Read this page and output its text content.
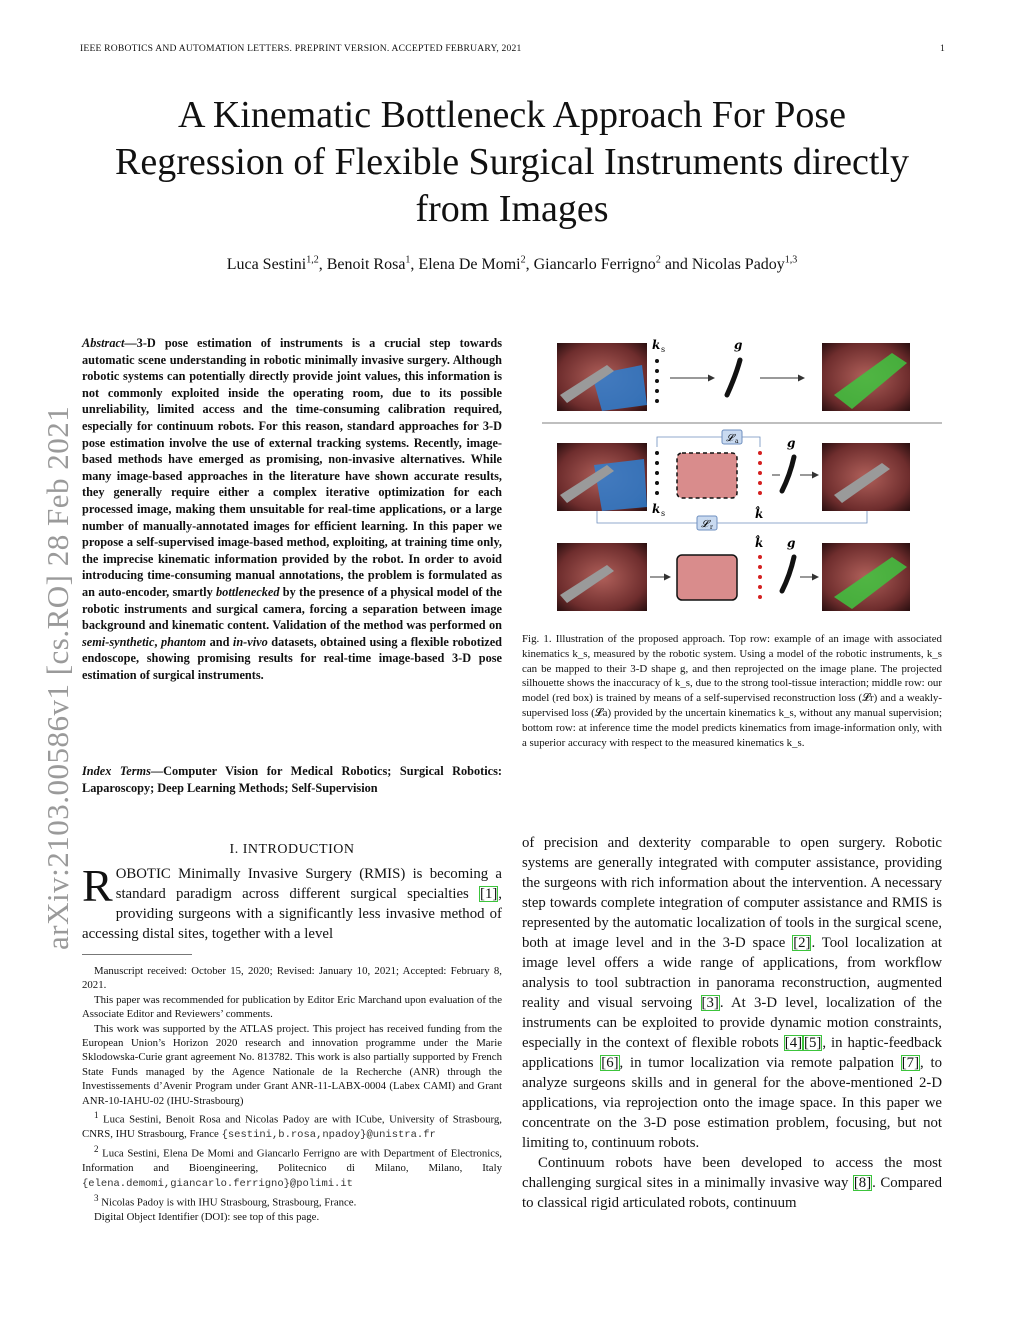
IEEE ROBOTICS AND AUTOMATION LETTERS. PREPRINT VERSION. ACCEPTED FEBRUARY, 2021	1
A Kinematic Bottleneck Approach For Pose
Regression of Flexible Surgical Instruments directly
from Images
Luca Sestini$^{1,2}$, Benoit Rosa$^1$, Elena De Momi$^2$, Giancarlo Ferrigno$^2$ and Nicolas Padoy$^{1,3}$
arXiv:2103.00586v1 [cs.RO] 28 Feb 2021
Abstract—3-D pose estimation of instruments is a crucial step towards automatic scene understanding in robotic minimally invasive surgery. Although robotic systems can potentially directly provide joint values, this information is not commonly exploited inside the operating room, due to its possible unreliability, limited access and the time-consuming calibration required, especially for continuum robots. For this reason, standard approaches for 3-D pose estimation involve the use of external tracking systems. Recently, image-based methods have emerged as promising, non-invasive alternatives. While many image-based approaches in the literature have shown accurate results, they generally require either a complex iterative optimization for each processed image, making them unsuitable for real-time applications, or a large number of manually-annotated images for efficient learning. In this paper we propose a self-supervised image-based method, exploiting, at training time only, the imprecise kinematic information provided by the robot. In order to avoid introducing time-consuming manual annotations, the problem is formulated as an auto-encoder, smartly bottlenecked by the presence of a physical model of the robotic instruments and surgical camera, forcing a separation between image background and kinematic content. Validation of the method was performed on semi-synthetic, phantom and in-vivo datasets, obtained using a flexible robotized endoscope, showing promising results for real-time image-based 3-D pose estimation of surgical instruments.
Index Terms—Computer Vision for Medical Robotics; Surgical Robotics: Laparoscopy; Deep Learning Methods; Self-Supervision
I. INTRODUCTION
ROBOTIC Minimally Invasive Surgery (RMIS) is becoming a standard paradigm across different surgical specialties [1], providing surgeons with a significantly less invasive method of accessing distal sites, together with a level

Manuscript received: October 15, 2020; Revised: January 10, 2021; Accepted: February 8, 2021.

This paper was recommended for publication by Editor Eric Marchand upon evaluation of the Associate Editor and Reviewers’ comments.

This work was supported by the ATLAS project. This project has received funding from the European Union’s Horizon 2020 research and innovation programme under the Marie Sklodowska-Curie grant agreement No. 813782. This work is also partially supported by French State Funds managed by the Agence Nationale de la Recherche (ANR) through the Investissements d’Avenir Program under Grant ANR-11-LABX-0004 (Labex CAMI) and Grant ANR-10-IAHU-02 (IHU-Strasbourg)

$^1$ Luca Sestini, Benoit Rosa and Nicolas Padoy are with ICube, University of Strasbourg, CNRS, IHU Strasbourg, France {sestini,b.rosa,npadoy}@unistra.fr

$^2$ Luca Sestini, Elena De Momi and Giancarlo Ferrigno are with Department of Electronics, Information and Bioengineering, Politecnico di Milano, Milano, Italy {elena.demomi,giancarlo.ferrigno}@polimi.it

$^3$ Nicolas Padoy is with IHU Strasbourg, Strasbourg, France.

Digital Object Identifier (DOI): see top of this page.

k s	g
k s	k̂
𝓛 a	g
𝓛 r
k̂ g
Fig. 1. Illustration of the proposed approach. Top row: example of an image with associated kinematics k_s, measured by the robotic system. Using a model of the robotic instruments, k_s can be mapped to their 3-D shape g, and then reprojected on the image plane. The projected silhouette shows the inaccuracy of k_s, due to the strong tool-tissue interaction; middle row: our model (red box) is trained by means of a self-supervised reconstruction loss (𝓛r) and a weakly-supervised loss (𝓛a) provided by the uncertain kinematics k_s, without any manual supervision; bottom row: at inference time the model predicts kinematics from image-information only, with a superior accuracy with respect to the measured kinematics k_s.

of precision and dexterity comparable to open surgery. Robotic systems are generally integrated with computer assistance, providing the surgeons with rich information about the intervention. A necessary step towards complete integration of computer assistance and RMIS is represented by the automatic localization of tools in the surgical scene, both at image level and in the 3-D space [2]. Tool localization at image level offers a wide range of applications, from workflow analysis to tool subtraction in panorama reconstruction, augmented reality and visual servoing [3]. At 3-D level, localization of the instruments can be exploited to provide dynamic motion constraints, especially in the context of flexible robots [4] [5], in haptic-feedback applications [6], in tumor localization via remote palpation [7], to analyze surgeons skills and in general for the above-mentioned 2-D applications, via reprojection onto the image space. In this paper we concentrate on the 3-D pose estimation problem, focusing, but not limiting to, continuum robots.

Continuum robots have been developed to access the most challenging surgical sites in a minimally invasive way [8]. Compared to classical rigid articulated robots, continuum
